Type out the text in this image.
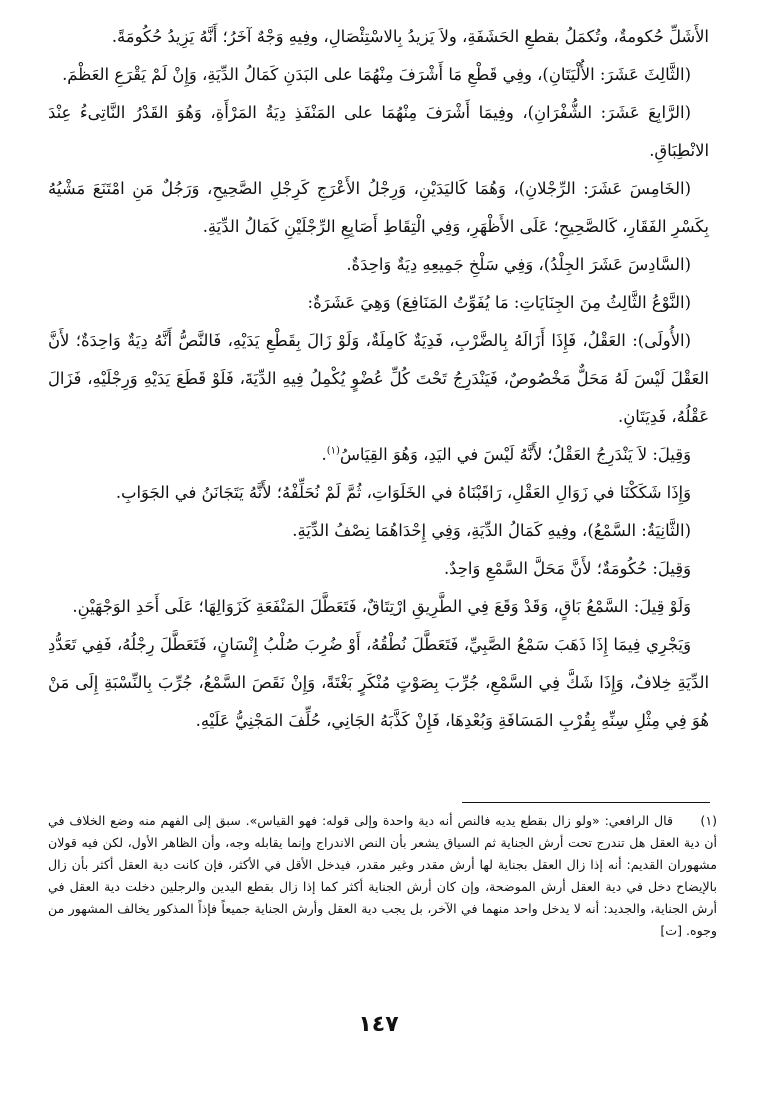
الأَشَلِّ حُكومةٌ، وتُكمَلُ بقطعِ الحَشَفَةِ، ولاَ يَزيدُ بِالاسْتِئْصَالِ، وفِيهِ وَجْهٌ آخَرُ؛ أَنَّهُ يَزِيدُ حُكُومَةً.

(الثَّالِثَ عَشَرَ: الأُلْيَتَانِ)، وفِي قَطْعِ مَا أَشْرَفَ مِنْهُمَا على البَدَنِ كَمَالُ الدِّيَةِ، وَإِنْ لَمْ يَقْرَعِ العَظْمَ.

(الرَّابِعَ عَشَرَ: الشُّفْرَانِ)، وفِيمَا أَشْرَفَ مِنْهُمَا على المَنْفَذِ دِيَةُ المَرْأَةِ، وَهُوَ القَدْرُ النَّاتِىءُ عِنْدَ الانْطِبَاقِ.

(الخَامِسَ عَشَرَ: الرِّجْلانِ)، وَهُمَا كَاليَدَيْنِ، وَرِجْلُ الأَعْرَجِ كَرِجْلِ الصَّحِيحِ، وَرَجُلٌ مَنِ امْتَنَعَ مَشْيُهُ بِكَسْرِ الفَقَارِ، كَالصَّحِيحِ؛ عَلَى الأَظْهَرِ، وَفِي الْتِقَاطِ أَصَابِعِ الرِّجْلَيْنِ كَمَالُ الدِّيَةِ.

(السَّادِسَ عَشَرَ الجِلْدُ)، وَفِي سَلْخِ جَمِيعِهِ دِيَةٌ وَاحِدَةٌ.

(النَّوْعُ الثَّالِثُ مِنَ الجِنَايَاتِ: مَا يُفَوِّتُ المَنَافِعَ) وَهِيَ عَشَرَةٌ:

(الأُولَى): العَقْلُ، فَإِذَا أَزَالَهُ بِالضَّرْبِ، فَدِيَةٌ كَامِلَةٌ، وَلَوْ زَالَ بِقَطْعِ يَدَيْهِ، فَالنَّصُّ أَنَّهُ دِيَةٌ وَاحِدَةٌ؛ لأَنَّ العَقْلَ لَيْسَ لَهُ مَحَلٌّ مَخْصُوصٌ، فَيَنْدَرِجُ تَحْتَ كُلِّ عُضْوٍ يُكْمِلُ فِيهِ الدِّيَةَ، فَلَوْ قَطَعَ يَدَيْهِ وَرِجْلَيْهِ، فَزَالَ عَقْلُهُ، فَدِيَتَانِ.

وَقِيلَ: لاَ يَنْدَرِجُ العَقْلُ؛ لأَنَّهُ لَيْسَ في اليَدِ، وَهُوَ القِيَاسُ$^{(١)}$.

وَإِذَا شَكَكْنَا في زَوَالِ العَقْلِ، رَاقَبْنَاهُ في الخَلَوَاتِ، ثُمَّ لَمْ نُحَلِّفْهُ؛ لأَنَّهُ يَتَجَانَنُ في الجَوَابِ.

(الثَّانِيَةُ: السَّمْعُ)، وفِيهِ كَمَالُ الدِّيَةِ، وَفِي إِحْدَاهُمَا نِصْفُ الدِّيَةِ.

وَقِيلَ: حُكُومَةٌ؛ لأَنَّ مَحَلَّ السَّمْعِ وَاحِدٌ.

وَلَوْ قِيلَ: السَّمْعُ بَاقٍ، وَقَدْ وَقَعَ فِي الطَّرِيقِ ارْتِتَاقٌ، فَتَعَطَّلَ المَنْفَعَةِ كَزَوَالِهَا؛ عَلَى أَحَدِ الوَجْهَيْنِ.

وَيَجْرِي فِيمَا إِذَا ذَهَبَ سَمْعُ الصَّبِيِّ، فَتَعَطَّلَ نُطْقُهُ، أَوْ ضُرِبَ صُلْبُ إِنْسَانٍ، فَتَعَطَّلَ رِجْلُهُ، فَفِي تَعَدُّدِ الدِّيَةِ خِلافٌ، وَإِذَا شَكَّ فِي السَّمْعِ، جُرِّبَ بِصَوْتٍ مُنْكَرٍ بَغْتَةً، وَإِنْ نَقَصَ السَّمْعُ، جُرِّبَ بِالنِّسْبَةِ إِلَى مَنْ هُوَ فِي مِثْلِ سِنِّهِ بِقُرْبِ المَسَافَةِ وَبُعْدِهَا، فَإِنْ كَذَّبَهُ الجَانِي، حُلِّفَ المَجْنِيُّ عَلَيْهِ.

(١)قال الرافعي: «ولو زال بقطع يديه فالنص أنه دية واحدة وإلى قوله: فهو القياس». سبق إلى الفهم منه وضع الخلاف في أن دية العقل هل تندرج تحت أرش الجناية ثم السياق يشعر بأن النص الاندراج وإنما يقابله وجه، وأن الظاهر الأول، لكن فيه قولان مشهوران القديم: أنه إذا زال العقل بجناية لها أرش مقدر وغير مقدر، فيدخل الأقل في الأكثر، فإن كانت دية العقل أكثر بأن زال بالإيضاح دخل في دية العقل أرش الموضحة، وإن كان أرش الجناية أكثر كما إذا زال بقطع اليدين والرجلين دخلت دية العقل في أرش الجناية، والجديد: أنه لا يدخل واحد منهما في الآخر، بل يجب دية العقل وأرش الجناية جميعاً فإذاً المذكور يخالف المشهور من وجوه. [ت]
١٤٧
